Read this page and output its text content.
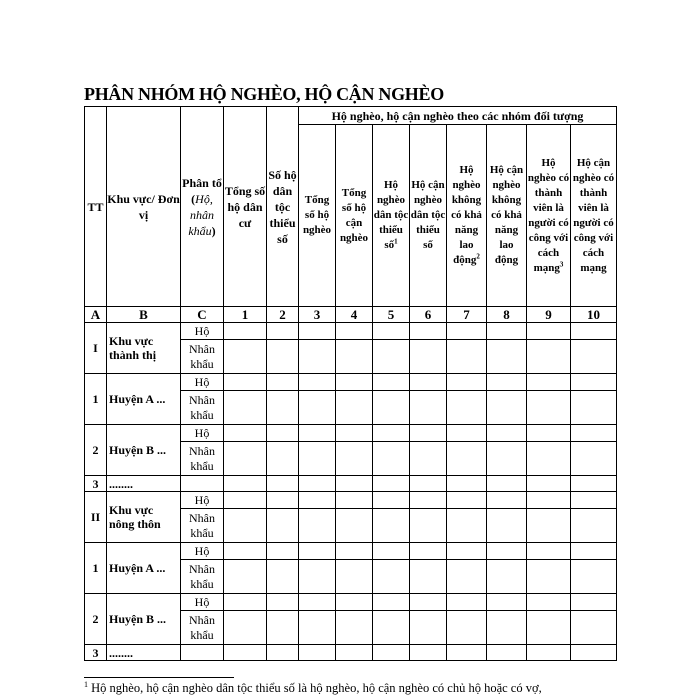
PHÂN NHÓM HỘ NGHÈO, HỘ CẬN NGHÈO
TT	Khu vực/ Đơn vị	Phân tổ (Hộ, nhân khẩu)	Tổng số hộ dân cư	Số hộ dân tộc thiểu số	Hộ nghèo, hộ cận nghèo theo các nhóm đối tượng							
					Tổng số hộ nghèo	Tổng số hộ cận nghèo	Hộ nghèo dân tộc thiểu số$^1$	Hộ cận nghèo dân tộc thiểu số	Hộ nghèo không có khả năng lao động$^2$	Hộ cận nghèo không có khả năng lao động	Hộ nghèo có thành viên là người có công với cách mạng$^3$	Hộ cận nghèo có thành viên là người có công với cách mạng
A	B	C	1	2	3	4	5	6	7	8	9	10
I	Khu vực thành thị	Hộ										
		Nhân khẩu										
1	Huyện A ...	Hộ										
		Nhân khẩu										
2	Huyện B ...	Hộ										
		Nhân khẩu										
3	........											
II	Khu vực nông thôn	Hộ										
		Nhân khẩu										
1	Huyện A ...	Hộ										
		Nhân khẩu										
2	Huyện B ...	Hộ										
		Nhân khẩu										
3	........											
$^1$ Hộ nghèo, hộ cận nghèo dân tộc thiểu số là hộ nghèo, hộ cận nghèo có chủ hộ hoặc có vợ,
